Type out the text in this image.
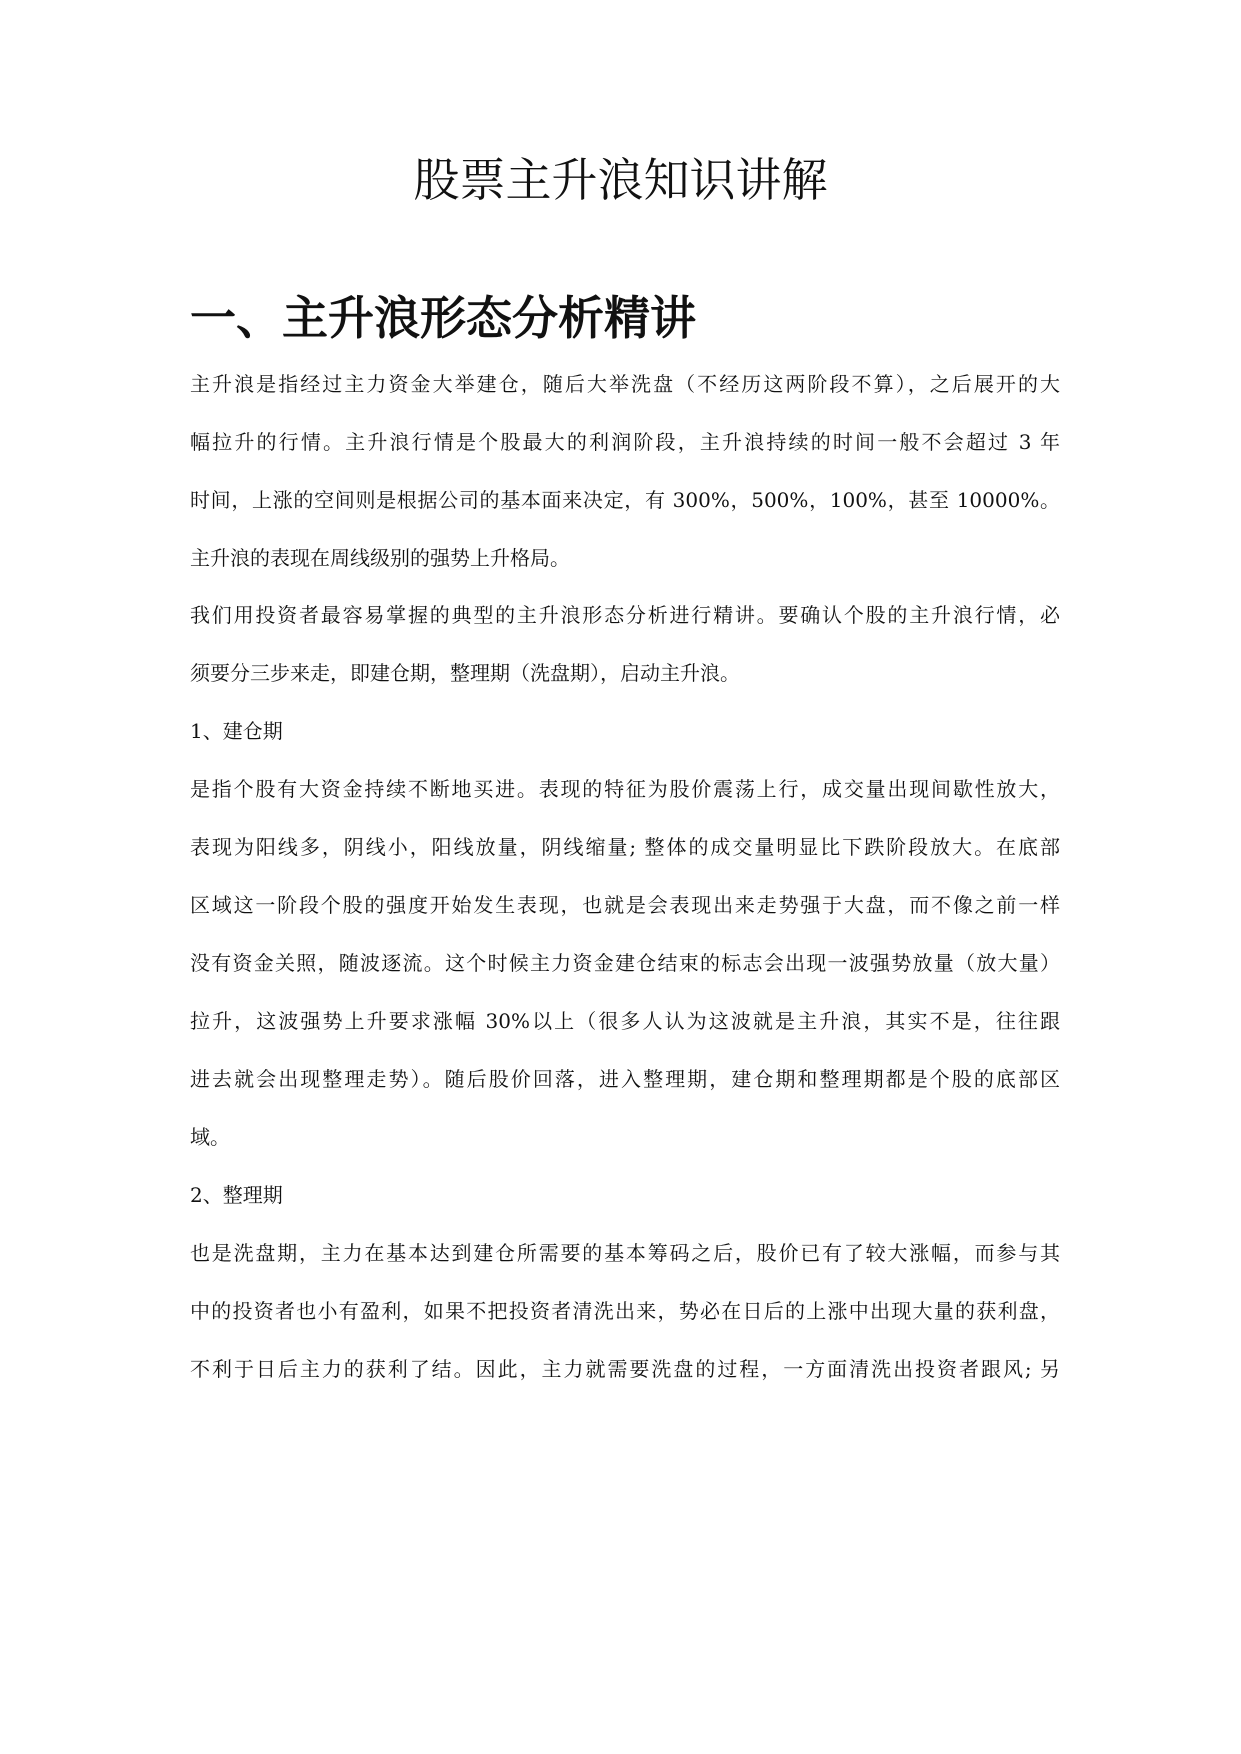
股票主升浪知识讲解
一、主升浪形态分析精讲
主升浪是指经过主力资金大举建仓，随后大举洗盘（不经历这两阶段不算），之后展开的大
幅拉升的行情。主升浪行情是个股最大的利润阶段，主升浪持续的时间一般不会超过 3 年
时间，上涨的空间则是根据公司的基本面来决定，有 300%，500%，100%，甚至 10000%。
主升浪的表现在周线级别的强势上升格局。
我们用投资者最容易掌握的典型的主升浪形态分析进行精讲。要确认个股的主升浪行情，必
须要分三步来走，即建仓期，整理期（洗盘期），启动主升浪。
1、建仓期
是指个股有大资金持续不断地买进。表现的特征为股价震荡上行，成交量出现间歇性放大，
表现为阳线多，阴线小，阳线放量，阴线缩量; 整体的成交量明显比下跌阶段放大。在底部
区域这一阶段个股的强度开始发生表现，也就是会表现出来走势强于大盘，而不像之前一样
没有资金关照，随波逐流。这个时候主力资金建仓结束的标志会出现一波强势放量（放大量）
拉升，这波强势上升要求涨幅 30%以上（很多人认为这波就是主升浪，其实不是，往往跟
进去就会出现整理走势）。随后股价回落，进入整理期，建仓期和整理期都是个股的底部区
域。
2、整理期
也是洗盘期，主力在基本达到建仓所需要的基本筹码之后，股价已有了较大涨幅，而参与其
中的投资者也小有盈利，如果不把投资者清洗出来，势必在日后的上涨中出现大量的获利盘，
不利于日后主力的获利了结。因此，主力就需要洗盘的过程，一方面清洗出投资者跟风; 另
